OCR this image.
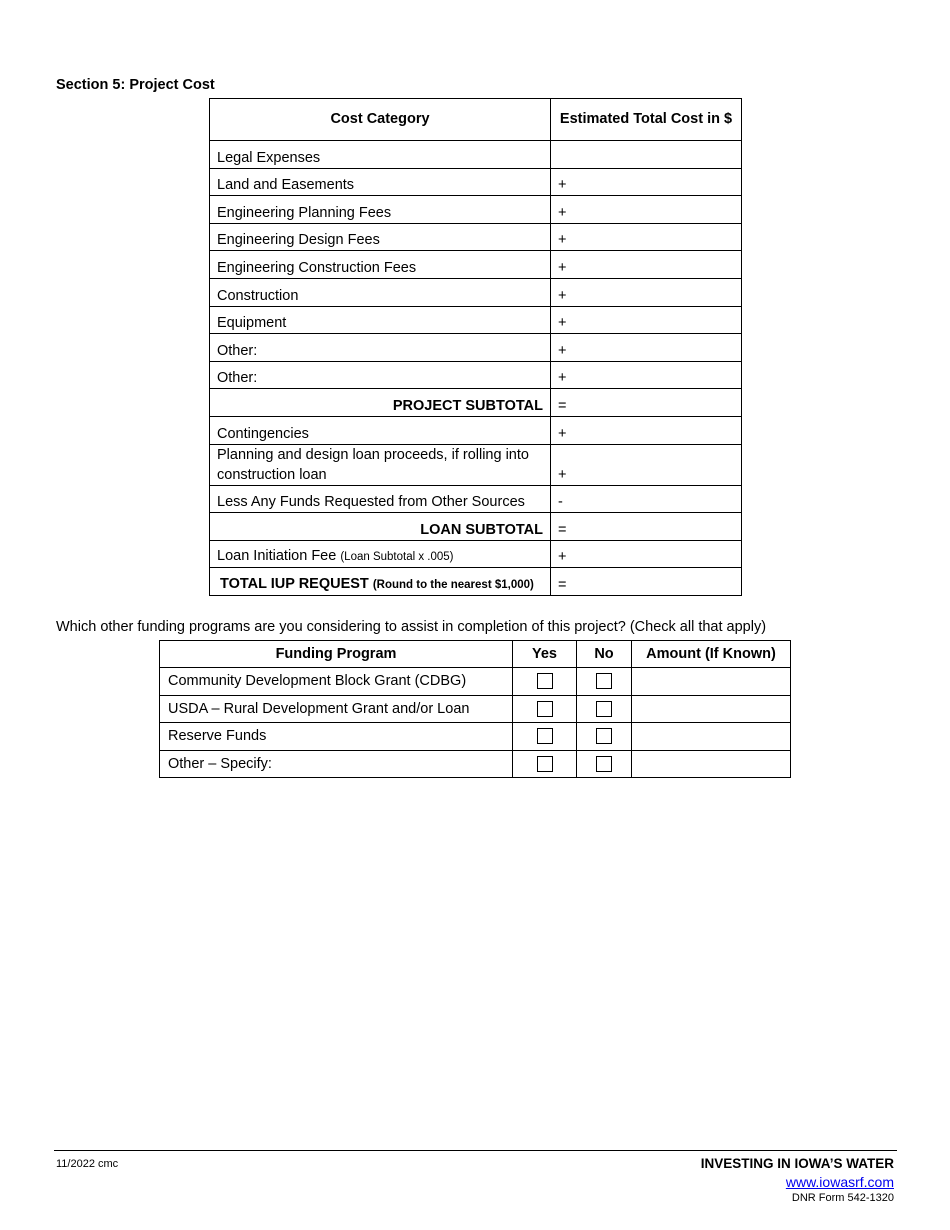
Section 5: Project Cost
Cost Category	Estimated Total Cost in $
Legal Expenses	
Land and Easements	+
Engineering Planning Fees	+
Engineering Design Fees	+
Engineering Construction Fees	+
Construction	+
Equipment	+
Other:	+
Other:	+
PROJECT SUBTOTAL	=
Contingencies	+
Planning and design loan proceeds, if rolling into construction loan	+
Less Any Funds Requested from Other Sources	-
LOAN SUBTOTAL	=
Loan Initiation Fee (Loan Subtotal x .005)	+
TOTAL IUP REQUEST (Round to the nearest $1,000)	=
Which other funding programs are you considering to assist in completion of this project? (Check all that apply)
Funding Program	Yes	No	Amount (If Known)
Community Development Block Grant (CDBG)			
USDA – Rural Development Grant and/or Loan			
Reserve Funds			
Other – Specify:			
11/2022 cmc	INVESTING IN IOWA’S WATER
www.iowasrf.com
DNR Form 542-1320
